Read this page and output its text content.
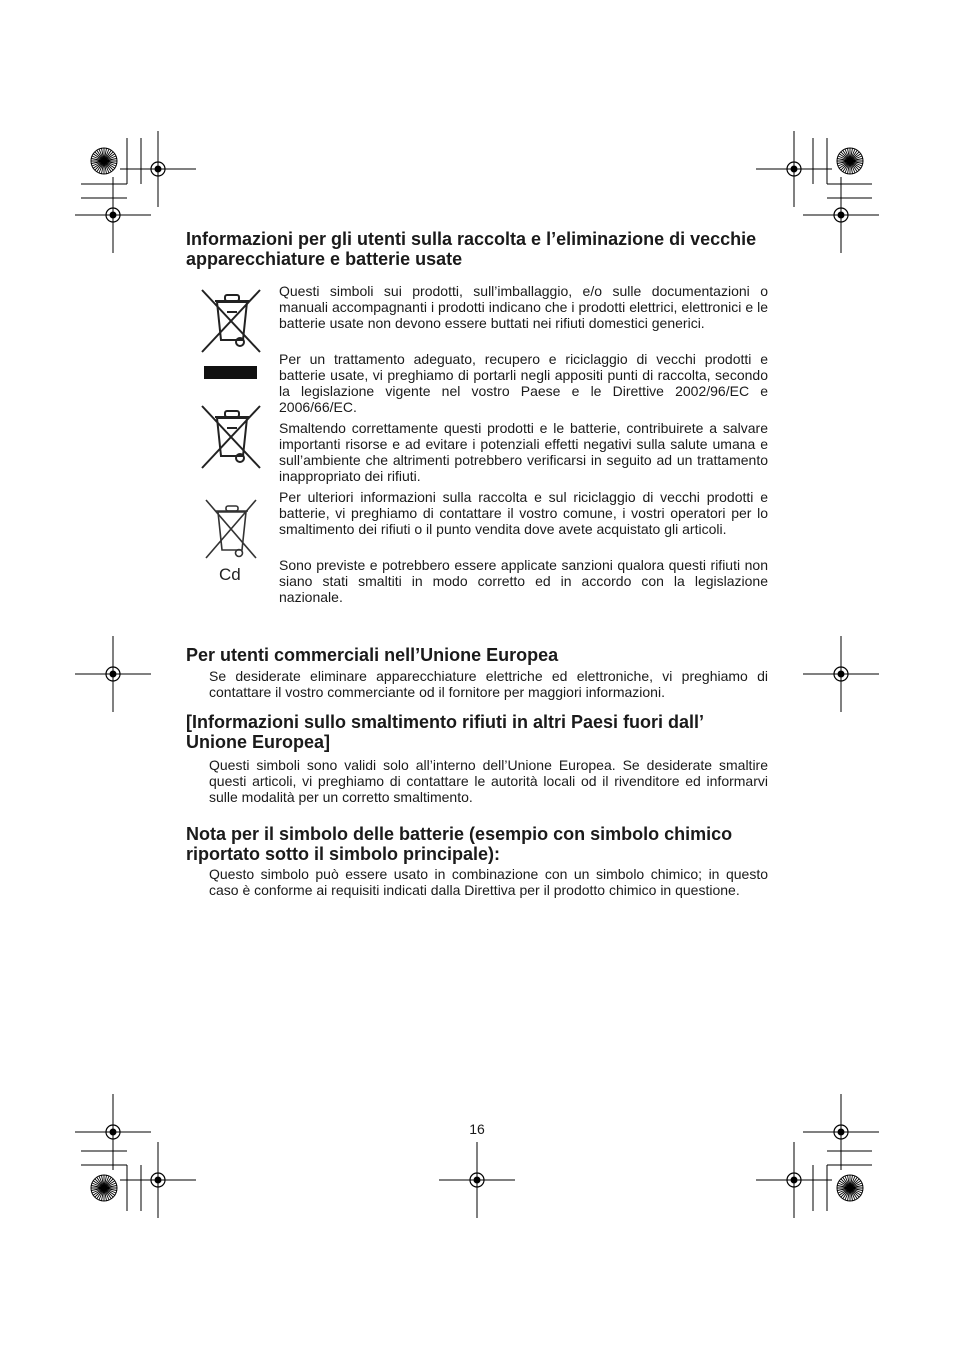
Informazioni per gli utenti sulla raccolta e l’eliminazione di vecchie apparecchiature e batterie usate
Cd

Questi simboli sui prodotti, sull’imballaggio, e/o sulle documentazioni o manuali accompagnanti i prodotti indicano che i prodotti elettrici, elettronici e le batterie usate non devono essere buttati nei rifiuti domestici generici.

Per un trattamento adeguato, recupero e riciclaggio di vecchi prodotti e batterie usate, vi preghiamo di portarli negli appositi punti di raccolta, secondo la legislazione vigente nel vostro Paese e le Direttive 2002/96/EC e 2006/66/EC.

Smaltendo correttamente questi prodotti e le batterie, contribuirete a salvare importanti risorse e ad evitare i potenziali effetti negativi sulla salute umana e sull’ambiente che altrimenti potrebbero verificarsi in seguito ad un trattamento inappropriato dei rifiuti.

Per ulteriori informazioni sulla raccolta e sul riciclaggio di vecchi prodotti e batterie, vi preghiamo di contattare il vostro comune, i vostri operatori per lo smaltimento dei rifiuti o il punto vendita dove avete acquistato gli articoli.

Sono previste e potrebbero essere applicate sanzioni qualora questi rifiuti non siano stati smaltiti in modo corretto ed in accordo con la legislazione nazionale.

Per utenti commerciali nell’Unione Europea

Se desiderate eliminare apparecchiature elettriche ed elettroniche, vi preghiamo di contattare il vostro commerciante od il fornitore per maggiori informazioni.

[Informazioni sullo smaltimento rifiuti in altri Paesi fuori dall’ Unione Europea]

Questi simboli sono validi solo all’interno dell’Unione Europea. Se desiderate smaltire questi articoli, vi preghiamo di contattare le autorità locali od il rivenditore ed informarvi sulle modalità per un corretto smaltimento.

Nota per il simbolo delle batterie (esempio con simbolo chimico riportato sotto il simbolo principale):

Questo simbolo può essere usato in combinazione con un simbolo chimico; in questo caso è conforme ai requisiti indicati dalla Direttiva per il prodotto chimico in questione.

16
